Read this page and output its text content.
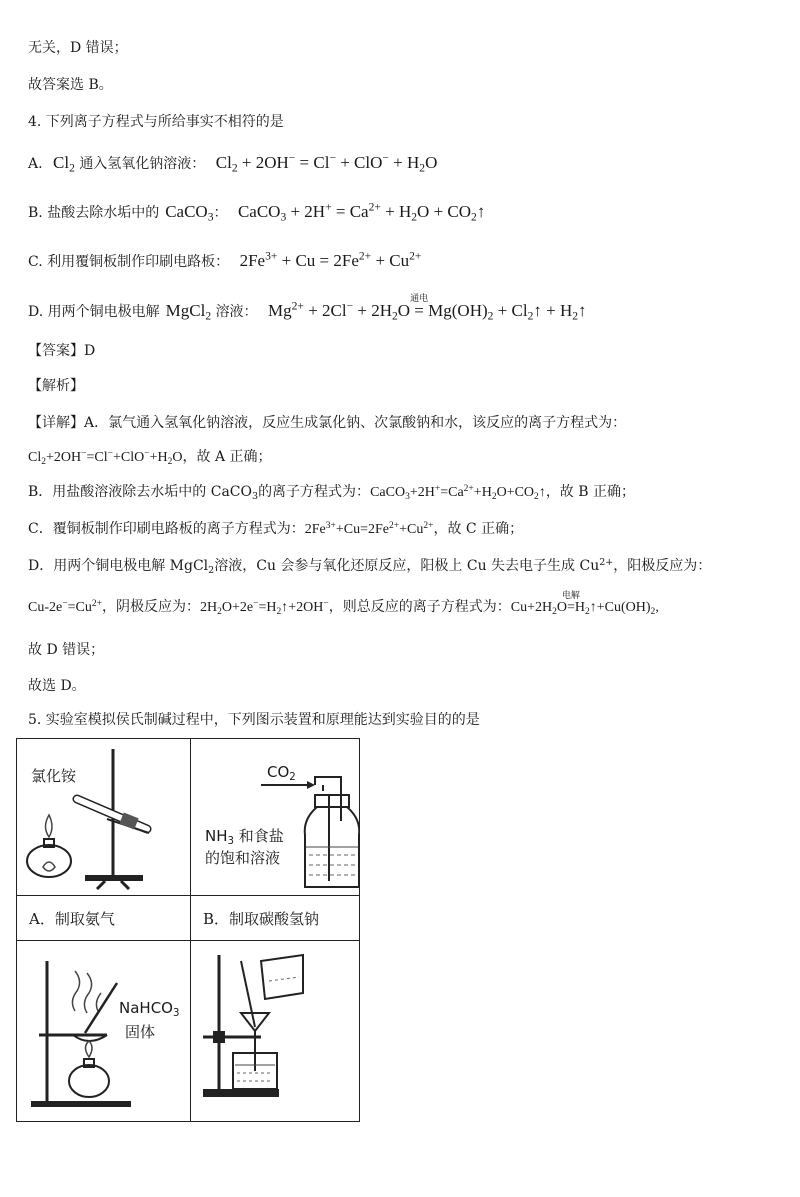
无关，D 错误；
故答案选 B。
4. 下列离子方程式与所给事实不相符的是
A. $Cl_2$ 通入氢氧化钠溶液： $Cl_2 + 2OH^- = Cl^- + ClO^- + H_2O$
B. 盐酸去除水垢中的 CaCO$_3$： CaCO$_3$ + $2H^+ = Ca^{2+} + H_2O$ + $CO_2↑$
C. 利用覆铜板制作印刷电路板： $2Fe^{3+} + Cu = 2Fe^{2+} + Cu^{2+}$
D. 用两个铜电极电解 MgCl$_2$ 溶液： $Mg^{2+} + 2Cl^- + 2H_2O$
通电
= $Mg(OH)_2$ + $Cl_2↑$ + $H_2↑$
【答案】D
【解析】
【详解】A．氯气通入氢氧化钠溶液，反应生成氯化钠、次氯酸钠和水，该反应的离子方程式为：
$Cl_2+2OH^-=Cl^-+ClO^-+H_2O$，故 A 正确；
B．用盐酸溶液除去水垢中的 CaCO$_3$的离子方程式为：$CaCO_3+2H^+=Ca^{2+}+H_2O+CO_2↑$，故 B 正确；
C．覆铜板制作印刷电路板的离子方程式为：$2Fe^{3+}+Cu=2Fe^{2+}+Cu^{2+}$，故 C 正确；
D．用两个铜电极电解 MgCl$_2$溶液，Cu 会参与氧化还原反应，阳极上 Cu 失去电子生成 $Cu^{2+}$，阳极反应为：
$Cu-2e^-=Cu^{2+}$，阴极反应为：$2H_2O+2e^-=H_2↑+2OH^-$，则总反应的离子方程式为：$Cu+2H_2O$
电解
$=H_2↑+Cu(OH)_2$,
故 D 错误；
故选 D。
5. 实验室模拟侯氏制碱过程中，下列图示装置和原理能达到实验目的的是
氯化铵	$CO_2$
$NH_3$ 和食盐
的饱和溶液

A．制取氨气	B．制取碳酸氢钠

NaHCO$_3$
固体
